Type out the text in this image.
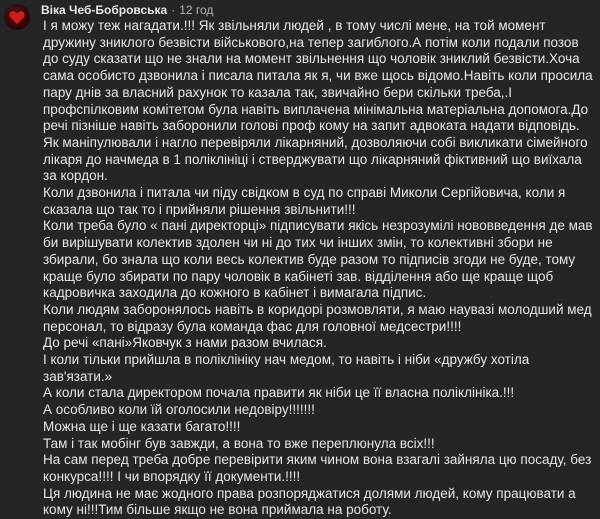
Віка Чеб-Бобровська · 12 год

І я можу теж нагадати.!!! Як звільняли людей , в тому числі мене, на той момент дружину зниклого безвісти військового,на тепер загиблого.А потім коли подали позов до суду сказати що не знали на момент звільнення що чоловік зниклий безвісти.Хоча сама особисто дзвонила і писала питала як я, чи вже щось відомо.Навіть коли просила пару днів за власний рахунок то казала так, звичайно бери скільки треба,.І профспілковим комітетом була навіть виплачена мінімальна матеріальна допомога.До речі пізніше навіть заборонили голові проф кому на запит адвоката надати відповідь.

Як маніпулювали і нагло перевіряли лікарняний, дозволяючи собі викликати сімейного лікаря до начмеда в 1 поліклініці і стверджувати що лікарняний фіктивний що виїхала за кордон.

Коли дзвонила і питала чи піду свідком в суд по справі Миколи Сергійовича, коли я сказала що так то і прийняли рішення звільнити!!!

Коли треба було « пані директорці» підписувати якісь незрозумілі нововведення де мав би вирішувати колектив здолен чи ні до тих чи інших змін, то колективні збори не збирали, бо знала що коли весь колектив буде разом то підписів згоди не буде, тому краще було збирати по пару чоловік в кабінеті зав. відділення або ще краще щоб кадровичка заходила до кожного в кабінет і вимагала підпис.

Коли людям заборонялось навіть в коридорі розмовляти, я маю наувазі молодший мед персонал, то відразу була команда фас для головної медсестри!!!!

До речі «пані»Яковчук з нами разом вчилася.

І коли тільки прийшла в поліклініку нач медом, то навіть і ніби «дружбу хотіла зав'язати.»

А коли стала директором почала правити як ніби це її власна поліклініка.!!!

А особливо коли їй оголосили недовіру!!!!!!!

Можна ще і ще казати багато!!!!

Там і так мобінг був завжди, а вона то вже переплюнула всіх!!!

На сам перед треба добре перевірити яким чином вона взагалі зайняла цю посаду, без конкурса!!!! І чи впорядку її документи.!!!!

Ця людина не має жодного права розпоряджатися долями людей, кому працювати а кому ні!!!Тим більше якщо не вона приймала на роботу.
